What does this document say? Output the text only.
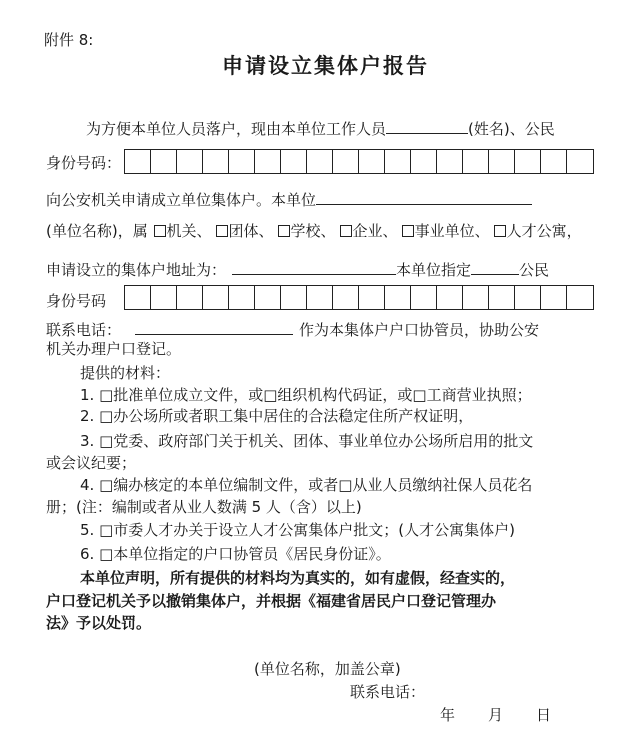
附件 8:
申请设立集体户报告
为方便本单位人员落户，现由本单位工作人员	(姓名)、公民
身份号码：
向公安机关申请成立单位集体户。本单位
(单位名称)，属 机关、 团体、 学校、 企业、 事业单位、 人才公寓，
申请设立的集体户地址为：	本单位指定	公民
身份号码
联系电话：	作为本集体户户口协管员，协助公安
机关办理户口登记。
提供的材料：
1. □批准单位成立文件，或□组织机构代码证，或□工商营业执照；
2. □办公场所或者职工集中居住的合法稳定住所产权证明，
3. □党委、政府部门关于机关、团体、事业单位办公场所启用的批文
或会议纪要；
4. □编办核定的本单位编制文件，或者□从业人员缴纳社保人员花名
册；(注：编制或者从业人数满 5 人（含）以上)
5. □市委人才办关于设立人才公寓集体户批文；(人才公寓集体户)
6. □本单位指定的户口协管员《居民身份证》。
本单位声明，所有提供的材料均为真实的，如有虚假，经查实的，
户口登记机关予以撤销集体户，并根据《福建省居民户口登记管理办
法》予以处罚。
(单位名称，加盖公章)
联系电话：
年 月 日
